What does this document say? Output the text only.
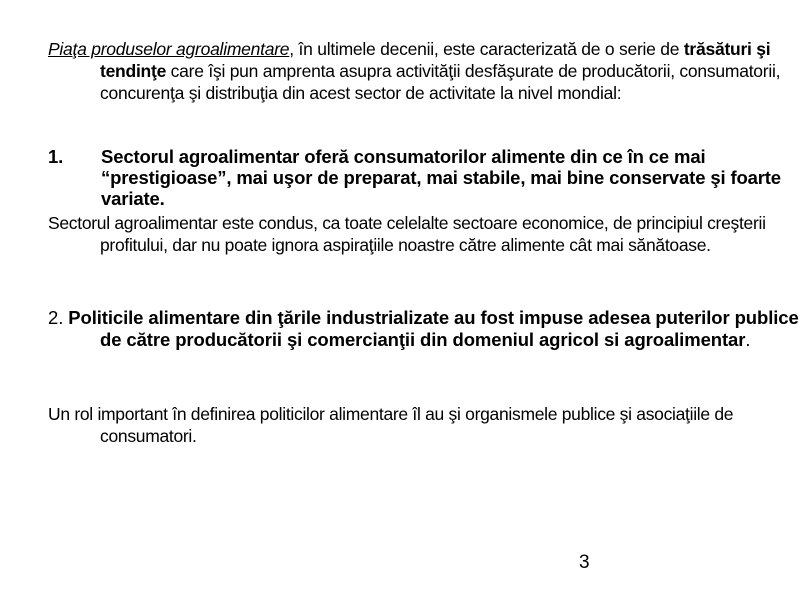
Piaţa produselor agroalimentare, în ultimele decenii, este caracterizată de o serie de trăsături şi tendinţe care îşi pun amprenta asupra activităţii desfăşurate de producătorii, consumatorii, concurenţa şi distribuţia din acest sector de activitate la nivel mondial:

1. Sectorul agroalimentar oferă consumatorilor alimente din ce în ce mai “prestigioase”, mai uşor de preparat, mai stabile, mai bine conservate şi foarte variate.

Sectorul agroalimentar este condus, ca toate celelalte sectoare economice, de principiul creşterii profitului, dar nu poate ignora aspiraţiile noastre către alimente cât mai sănătoase.

2. Politicile alimentare din ţările industrializate au fost impuse adesea puterilor publice de către producătorii şi comercianţii din domeniul agricol si agroalimentar.

Un rol important în definirea politicilor alimentare îl au şi organismele publice şi asociaţiile de consumatori.

3
